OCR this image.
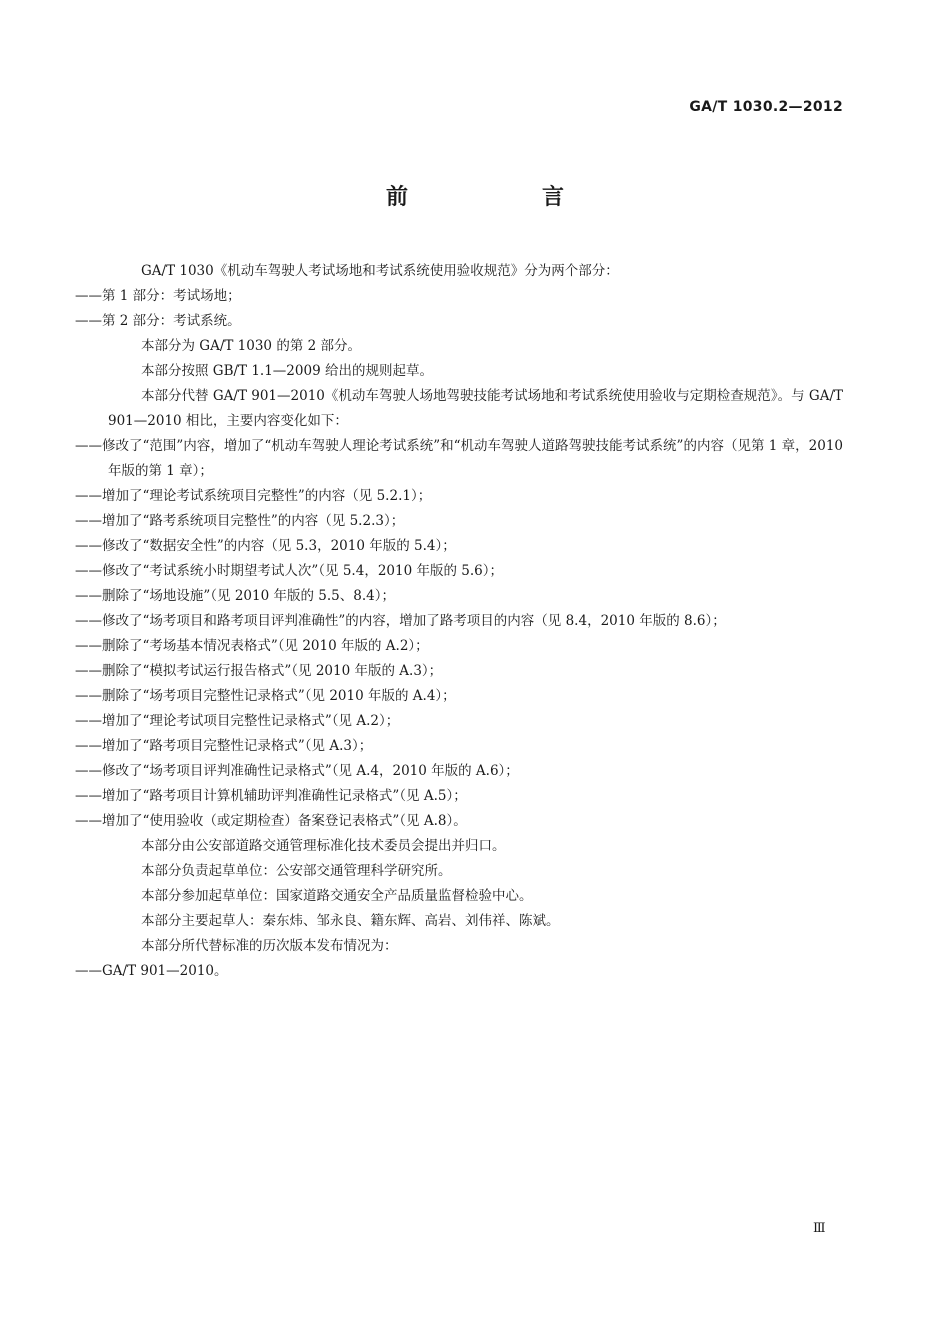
GA/T 1030.2—2012
前　言

GA/T 1030《机动车驾驶人考试场地和考试系统使用验收规范》分为两个部分：

——第 1 部分：考试场地；

——第 2 部分：考试系统。

本部分为 GA/T 1030 的第 2 部分。

本部分按照 GB/T 1.1—2009 给出的规则起草。

本部分代替 GA/T 901—2010《机动车驾驶人场地驾驶技能考试场地和考试系统使用验收与定期检查规范》。与 GA/T 901—2010 相比，主要内容变化如下：

——修改了“范围”内容，增加了“机动车驾驶人理论考试系统”和“机动车驾驶人道路驾驶技能考试系统”的内容（见第 1 章，2010 年版的第 1 章）；

——增加了“理论考试系统项目完整性”的内容（见 5.2.1）；

——增加了“路考系统项目完整性”的内容（见 5.2.3）；

——修改了“数据安全性”的内容（见 5.3，2010 年版的 5.4）；

——修改了“考试系统小时期望考试人次”（见 5.4，2010 年版的 5.6）；

——删除了“场地设施”（见 2010 年版的 5.5、8.4）；

——修改了“场考项目和路考项目评判准确性”的内容，增加了路考项目的内容（见 8.4，2010 年版的 8.6）；

——删除了“考场基本情况表格式”（见 2010 年版的 A.2）；

——删除了“模拟考试运行报告格式”（见 2010 年版的 A.3）；

——删除了“场考项目完整性记录格式”（见 2010 年版的 A.4）；

——增加了“理论考试项目完整性记录格式”（见 A.2）；

——增加了“路考项目完整性记录格式”（见 A.3）；

——修改了“场考项目评判准确性记录格式”（见 A.4，2010 年版的 A.6）；

——增加了“路考项目计算机辅助评判准确性记录格式”（见 A.5）；

——增加了“使用验收（或定期检查）备案登记表格式”（见 A.8）。

本部分由公安部道路交通管理标准化技术委员会提出并归口。

本部分负责起草单位：公安部交通管理科学研究所。

本部分参加起草单位：国家道路交通安全产品质量监督检验中心。

本部分主要起草人：秦东炜、邹永良、籍东辉、高岩、刘伟祥、陈斌。

本部分所代替标准的历次版本发布情况为：

——GA/T 901—2010。

Ⅲ
